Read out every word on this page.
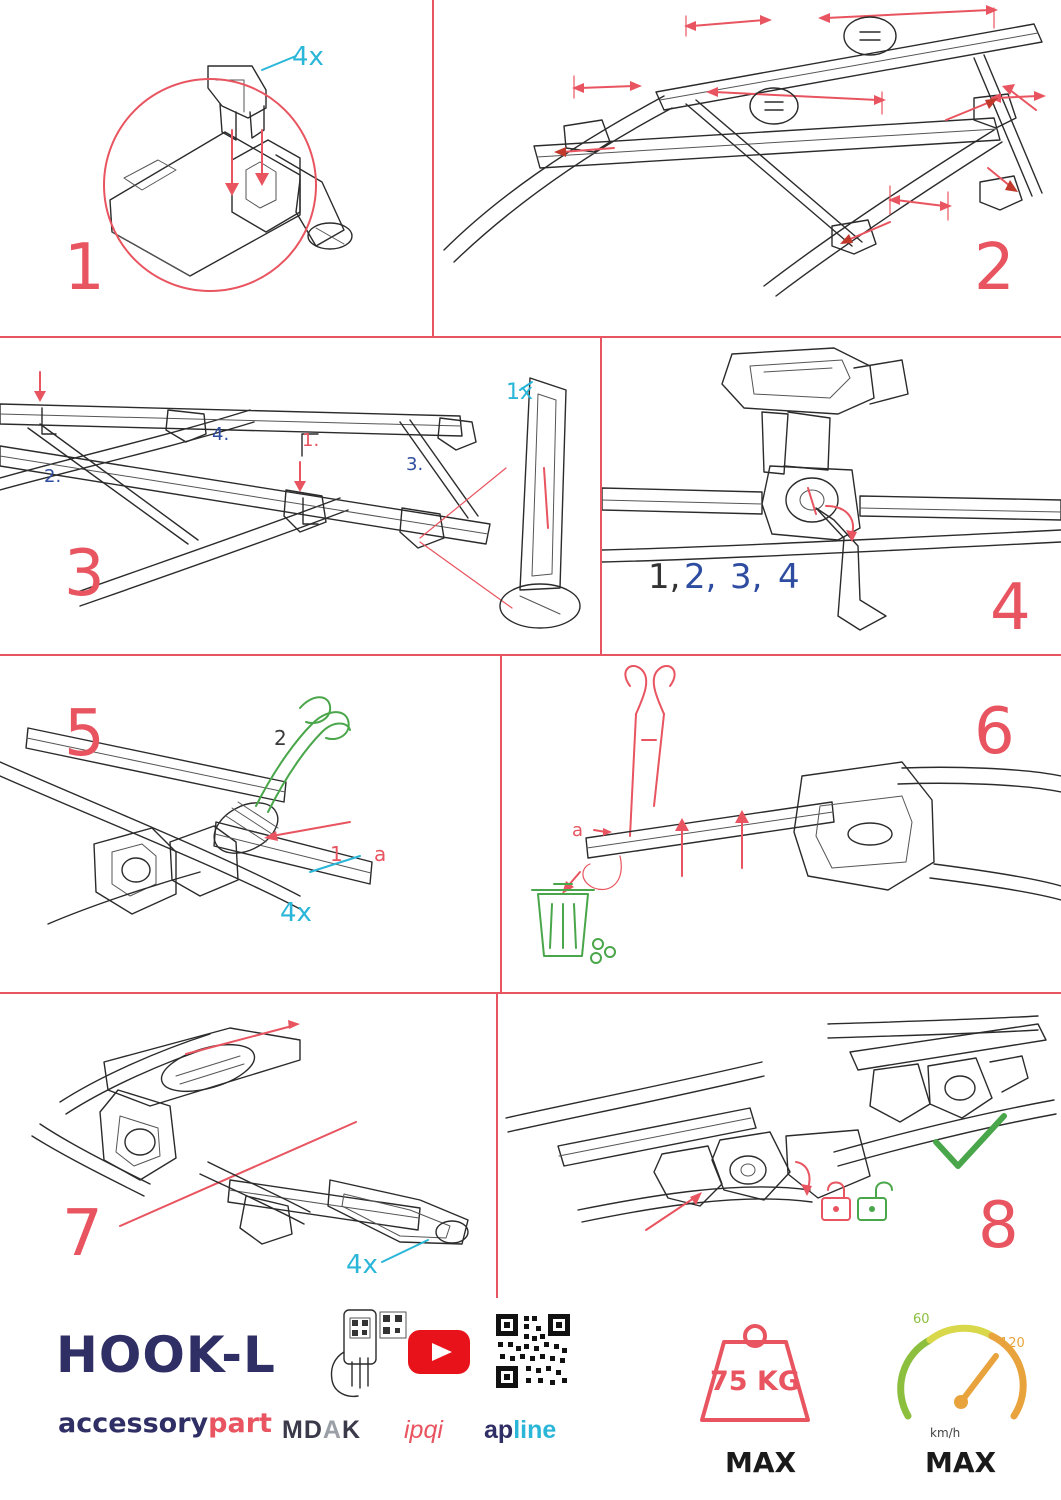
1
4x
2
3
1.
2.
3.
4.
1x
4
1, 2, 3, 4
5
1
2
a
4x
6
a
7	4x
8
HOOK-L
accessorypart MDAK ipqi apline
75 KG
MAX
60
120
km/h
MAX
